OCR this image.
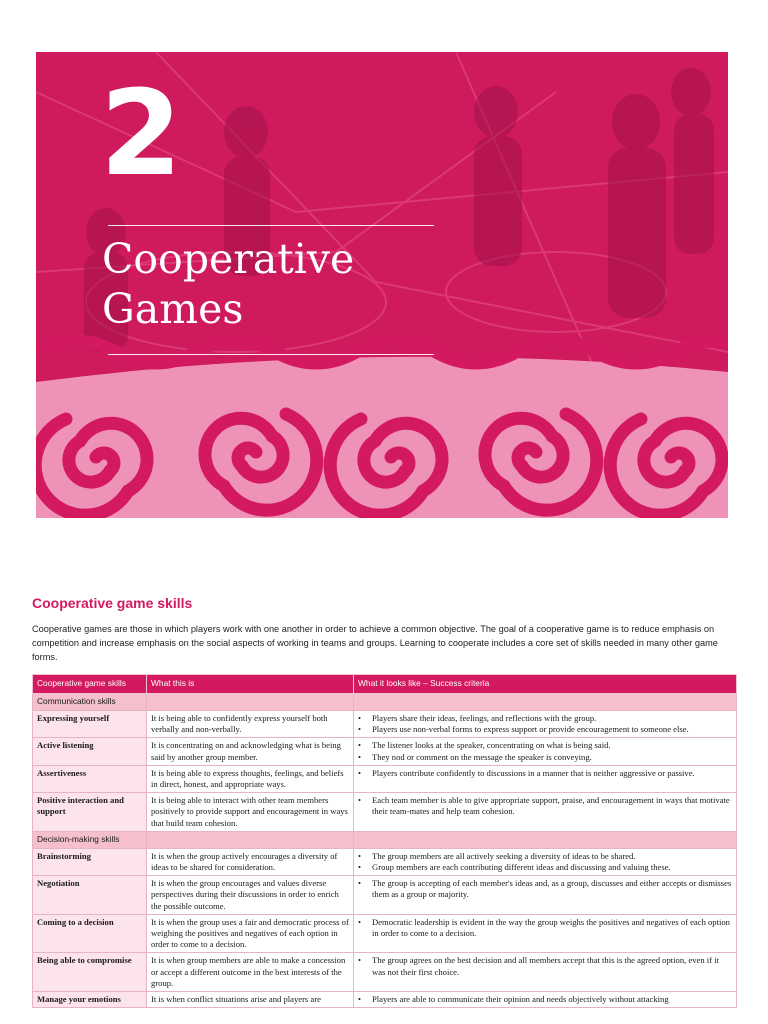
2
Cooperative
Games
Cooperative game skills
Cooperative games are those in which players work with one another in order to achieve a common objective. The goal of a cooperative game is to reduce emphasis on competition and increase emphasis on the social aspects of working in teams and groups. Learning to cooperate includes a core set of skills needed in many other game forms.
Cooperative game skills	What this is	What it looks like – Success criteria
Communication skills		
Expressing yourself	It is being able to confidently express yourself both verbally and non-verbally.	• Players share their ideas, feelings, and reflections with the group.
• Players use non-verbal forms to express support or provide encouragement to someone else.

Active listening	It is concentrating on and acknowledging what is being said by another group member.	• The listener looks at the speaker, concentrating on what is being said.
• They nod or comment on the message the speaker is conveying.

Assertiveness	It is being able to express thoughts, feelings, and beliefs in direct, honest, and appropriate ways.	• Players contribute confidently to discussions in a manner that is neither aggressive or passive.

Positive interaction and support	It is being able to interact with other team members positively to provide support and encouragement in ways that build team cohesion.	• Each team member is able to give appropriate support, praise, and encouragement in ways that motivate their team-mates and help team cohesion.

Decision-making skills		
Brainstorming	It is when the group actively encourages a diversity of ideas to be shared for consideration.	• The group members are all actively seeking a diversity of ideas to be shared.
• Group members are each contributing different ideas and discussing and valuing these.

Negotiation	It is when the group encourages and values diverse perspectives during their discussions in order to enrich the possible outcome.	• The group is accepting of each member's ideas and, as a group, discusses and either accepts or dismisses them as a group or majority.

Coming to a decision	It is when the group uses a fair and democratic process of weighing the positives and negatives of each option in order to come to a decision.	• Democratic leadership is evident in the way the group weighs the positives and negatives of each option in order to come to a decision.

Being able to compromise	It is when group members are able to make a concession or accept a different outcome in the best interests of the group.	• The group agrees on the best decision and all members accept that this is the agreed option, even if it was not their first choice.

Manage your emotions	It is when conflict situations arise and players are	• Players are able to communicate their opinion and needs objectively without attacking
